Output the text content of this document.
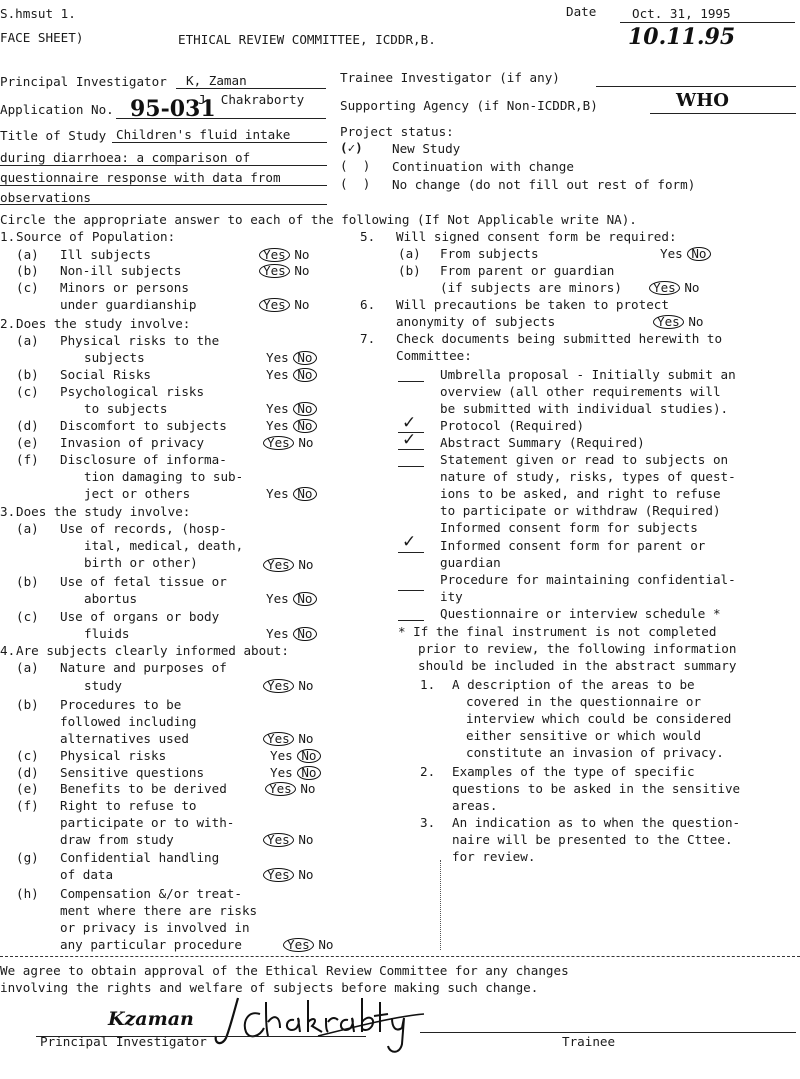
S.hmsut 1.
FACE SHEET)	ETHICAL REVIEW COMMITTEE, ICDDR,B.
Date	Oct. 31, 1995
10.11.95
Principal Investigator K, Zaman
J. Chakraborty
Application No. 95-031
Title of Study Children's fluid intake
during diarrhoea: a comparison of
questionnaire response with data from
observations
Trainee Investigator (if any)
Supporting Agency (if Non-ICDDR,B)	WHO
Project status:
(✓) New Study
(  ) Continuation with change
(  ) No change (do not fill out rest of form)
Circle the appropriate answer to each of the following (If Not Applicable write NA).
1. Source of Population:
(a) Ill subjects	Yes No
(b) Non-ill subjects	Yes No
(c) Minors or persons
under guardianship	Yes No
2. Does the study involve:
(a) Physical risks to the
subjects	Yes No
(b) Social Risks	Yes No
(c) Psychological risks
to subjects	Yes No
(d) Discomfort to subjects	Yes No
(e) Invasion of privacy	Yes No
(f) Disclosure of informa-
tion damaging to sub-
ject or others	Yes No
3. Does the study involve:
(a) Use of records, (hosp-
ital, medical, death,
birth or other)	Yes No
(b) Use of fetal tissue or
abortus	Yes No
(c) Use of organs or body
fluids	Yes No
4. Are subjects clearly informed about:
(a) Nature and purposes of
study	Yes No
(b) Procedures to be
followed including
alternatives used	Yes No
(c) Physical risks	Yes No
(d) Sensitive questions	Yes No
(e) Benefits to be derived	Yes No
(f) Right to refuse to
participate or to with-
draw from study	Yes No
(g) Confidential handling
of data	Yes No
(h) Compensation &/or treat-
ment where there are risks
or privacy is involved in
any particular procedure	Yes No
5. Will signed consent form be required:
(a) From subjects	Yes No
(b) From parent or guardian
(if subjects are minors) Yes No
6. Will precautions be taken to protect
anonymity of subjects	Yes No
7. Check documents being submitted herewith to
Committee:
Umbrella proposal - Initially submit an
overview (all other requirements will
be submitted with individual studies).
✓ Protocol (Required)
✓ Abstract Summary (Required)
Statement given or read to subjects on
nature of study, risks, types of quest-
ions to be asked, and right to refuse
to participate or withdraw (Required)
Informed consent form for subjects
✓ Informed consent form for parent or
guardian
Procedure for maintaining confidential-
ity
Questionnaire or interview schedule *
* If the final instrument is not completed
prior to review, the following information
should be included in the abstract summary
1. A description of the areas to be
covered in the questionnaire or
interview which could be considered
either sensitive or which would
constitute an invasion of privacy.
2. Examples of the type of specific
questions to be asked in the sensitive
areas.
3. An indication as to when the question-
naire will be presented to the Cttee.
for review.
We agree to obtain approval of the Ethical Review Committee for any changes
involving the rights and welfare of subjects before making such change.
Kzaman
Principal Investigator	Trainee
